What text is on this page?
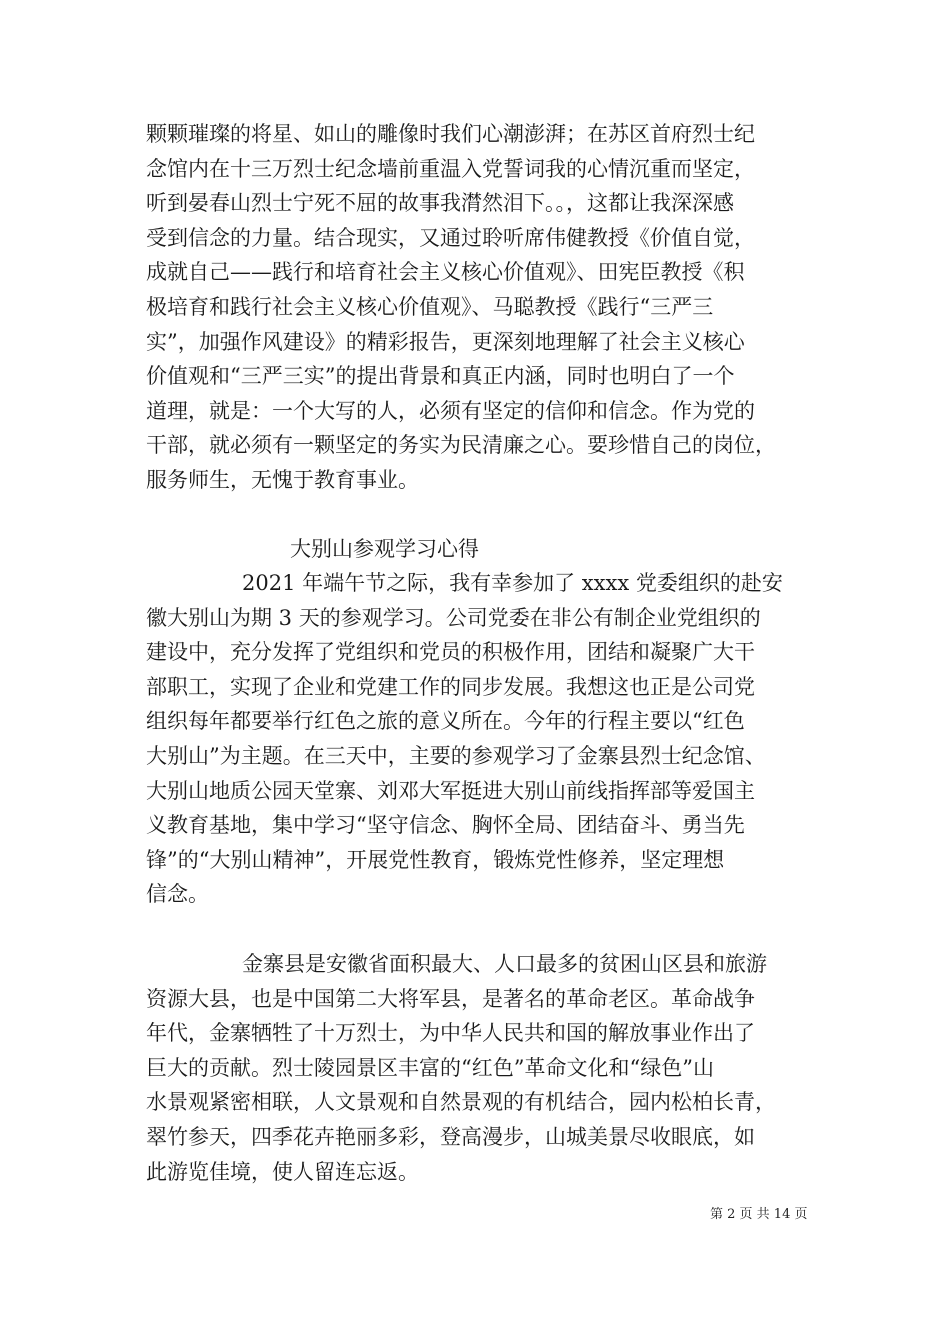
颗颗璀璨的将星、如山的雕像时我们心潮澎湃；在苏区首府烈士纪
念馆内在十三万烈士纪念墙前重温入党誓词我的心情沉重而坚定，
听到晏春山烈士宁死不屈的故事我潸然泪下。。，这都让我深深感
受到信念的力量。结合现实，又通过聆听席伟健教授《价值自觉，
成就自己——践行和培育社会主义核心价值观》、田宪臣教授《积
极培育和践行社会主义核心价值观》、马聪教授《践行“三严三
实”，加强作风建设》的精彩报告，更深刻地理解了社会主义核心
价值观和“三严三实”的提出背景和真正内涵，同时也明白了一个
道理，就是：一个大写的人，必须有坚定的信仰和信念。作为党的
干部，就必须有一颗坚定的务实为民清廉之心。要珍惜自己的岗位，
服务师生，无愧于教育事业。
大别山参观学习心得
2021 年端午节之际，我有幸参加了 xxxx 党委组织的赴安
徽大别山为期 3 天的参观学习。公司党委在非公有制企业党组织的
建设中，充分发挥了党组织和党员的积极作用，团结和凝聚广大干
部职工，实现了企业和党建工作的同步发展。我想这也正是公司党
组织每年都要举行红色之旅的意义所在。今年的行程主要以“红色
大别山”为主题。在三天中，主要的参观学习了金寨县烈士纪念馆、
大别山地质公园天堂寨、刘邓大军挺进大别山前线指挥部等爱国主
义教育基地，集中学习“坚守信念、胸怀全局、团结奋斗、勇当先
锋”的“大别山精神”，开展党性教育，锻炼党性修养，坚定理想
信念。
金寨县是安徽省面积最大、人口最多的贫困山区县和旅游
资源大县，也是中国第二大将军县，是著名的革命老区。革命战争
年代，金寨牺牲了十万烈士，为中华人民共和国的解放事业作出了
巨大的贡献。烈士陵园景区丰富的“红色”革命文化和“绿色”山
水景观紧密相联，人文景观和自然景观的有机结合，园内松柏长青，
翠竹参天，四季花卉艳丽多彩，登高漫步，山城美景尽收眼底，如
此游览佳境，使人留连忘返。
第 2 页 共 14 页
